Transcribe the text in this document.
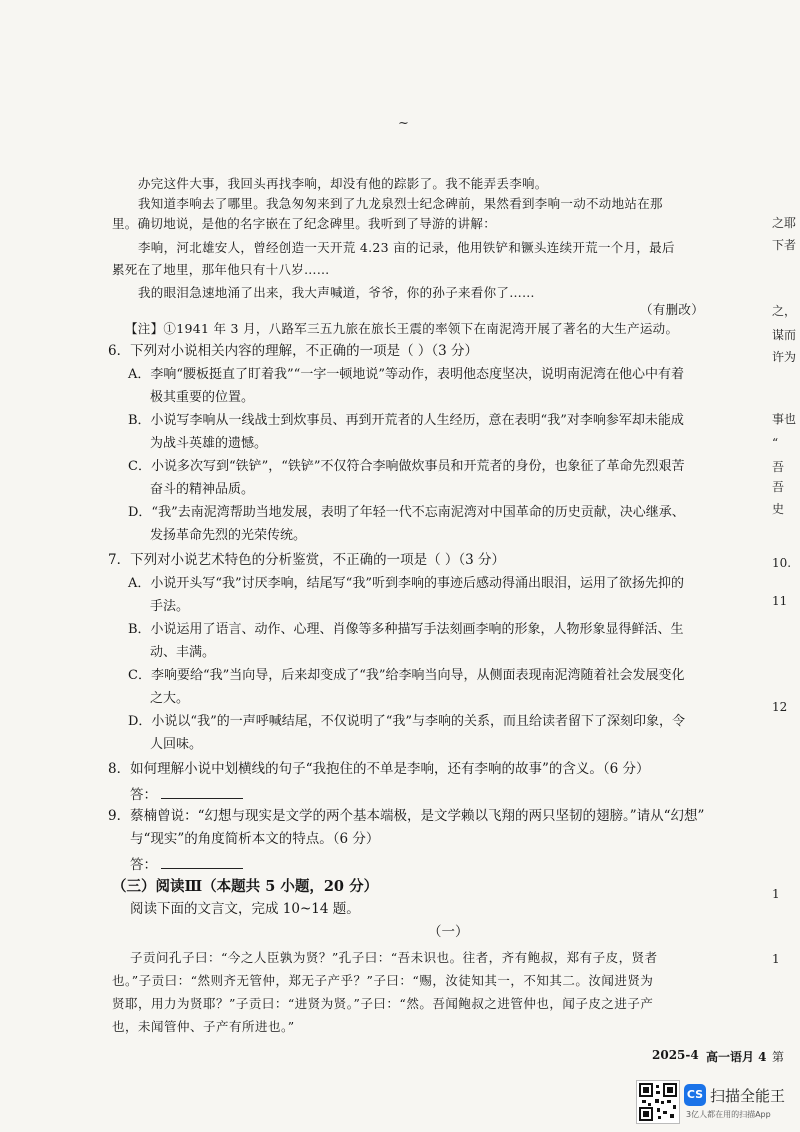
~
办完这件大事，我回头再找李响，却没有他的踪影了。我不能弄丢李响。
我知道李响去了哪里。我急匆匆来到了九龙泉烈士纪念碑前，果然看到李响一动不动地站在那
里。确切地说，是他的名字嵌在了纪念碑里。我听到了导游的讲解：
李响，河北雄安人，曾经创造一天开荒 4.23 亩的记录，他用铁铲和镢头连续开荒一个月，最后
累死在了地里，那年他只有十八岁……
我的眼泪急速地涌了出来，我大声喊道，爷爷，你的孙子来看你了……
（有删改）
【注】①1941 年 3 月，八路军三五九旅在旅长王震的率领下在南泥湾开展了著名的大生产运动。
6．下列对小说相关内容的理解，不正确的一项是（ ）（3 分）
A．李响“腰板挺直了盯着我”“一字一顿地说”等动作，表明他态度坚决，说明南泥湾在他心中有着
极其重要的位置。
B．小说写李响从一线战士到炊事员、再到开荒者的人生经历，意在表明“我”对李响参军却未能成
为战斗英雄的遗憾。
C．小说多次写到“铁铲”，“铁铲”不仅符合李响做炊事员和开荒者的身份，也象征了革命先烈艰苦
奋斗的精神品质。
D．“我”去南泥湾帮助当地发展，表明了年轻一代不忘南泥湾对中国革命的历史贡献，决心继承、
发扬革命先烈的光荣传统。
7．下列对小说艺术特色的分析鉴赏，不正确的一项是（ ）（3 分）
A．小说开头写“我”讨厌李响，结尾写“我”听到李响的事迹后感动得涌出眼泪，运用了欲扬先抑的
手法。
B．小说运用了语言、动作、心理、肖像等多种描写手法刻画李响的形象，人物形象显得鲜活、生
动、丰满。
C．李响要给“我”当向导，后来却变成了“我”给李响当向导，从侧面表现南泥湾随着社会发展变化
之大。
D．小说以“我”的一声呼喊结尾，不仅说明了“我”与李响的关系，而且给读者留下了深刻印象，令
人回味。
8．如何理解小说中划横线的句子“我抱住的不单是李响，还有李响的故事”的含义。（6 分）
答：
9．蔡楠曾说：“幻想与现实是文学的两个基本端极，是文学赖以飞翔的两只坚韧的翅膀。”请从“幻想”
与“现实”的角度简析本文的特点。（6 分）
答：
（三）阅读Ⅲ（本题共 5 小题，20 分）
阅读下面的文言文，完成 10~14 题。
（一）
子贡问孔子曰：“今之人臣孰为贤？”孔子曰：“吾未识也。往者，齐有鲍叔，郑有子皮，贤者
也。”子贡曰：“然则齐无管仲，郑无子产乎？”子曰：“赐，汝徒知其一，不知其二。汝闻进贤为
贤耶，用力为贤耶？”子贡曰：“进贤为贤。”子曰：“然。吾闻鲍叔之进管仲也，闻子皮之进子产
也，未闻管仲、子产有所进也。”
2025-4 高一语月 4
之耶
下者
之，
谋而
许为
事也
“
吾
吾
史
10.
11
12
1
1
第
CS 扫描全能王
3亿人都在用的扫描App
